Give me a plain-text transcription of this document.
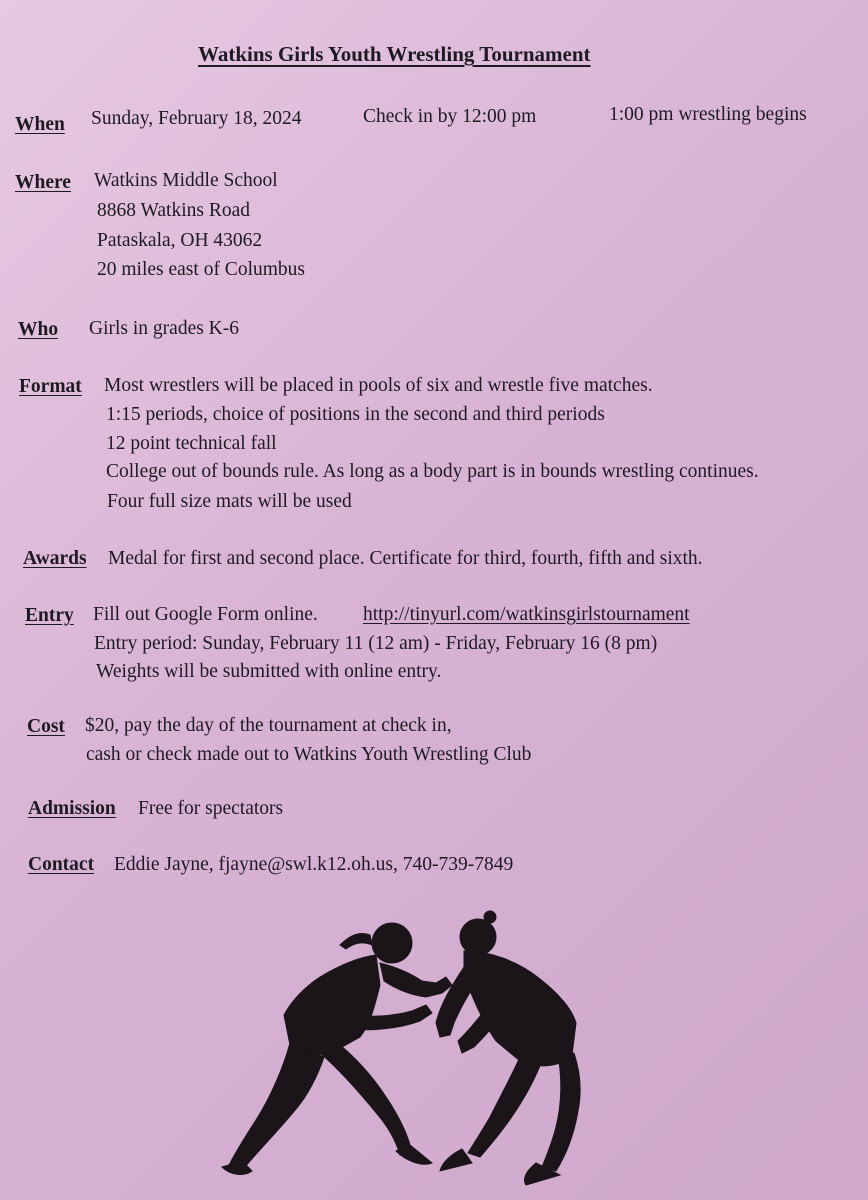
Watkins Girls Youth Wrestling Tournament
When Sunday, February 18, 2024	Check in by 12:00 pm	1:00 pm wrestling begins
Where Watkins Middle School
8868 Watkins Road
Pataskala, OH 43062
20 miles east of Columbus
Who Girls in grades K-6
Format Most wrestlers will be placed in pools of six and wrestle five matches.
1:15 periods, choice of positions in the second and third periods
12 point technical fall
College out of bounds rule. As long as a body part is in bounds wrestling continues.
Four full size mats will be used
Awards Medal for first and second place. Certificate for third, fourth, fifth and sixth.
Entry Fill out Google Form online. http://tinyurl.com/watkinsgirlstournament
Entry period: Sunday, February 11 (12 am) - Friday, February 16 (8 pm)
Weights will be submitted with online entry.
Cost $20, pay the day of the tournament at check in,
cash or check made out to Watkins Youth Wrestling Club
Admission Free for spectators
Contact Eddie Jayne, fjayne@swl.k12.oh.us, 740-739-7849
